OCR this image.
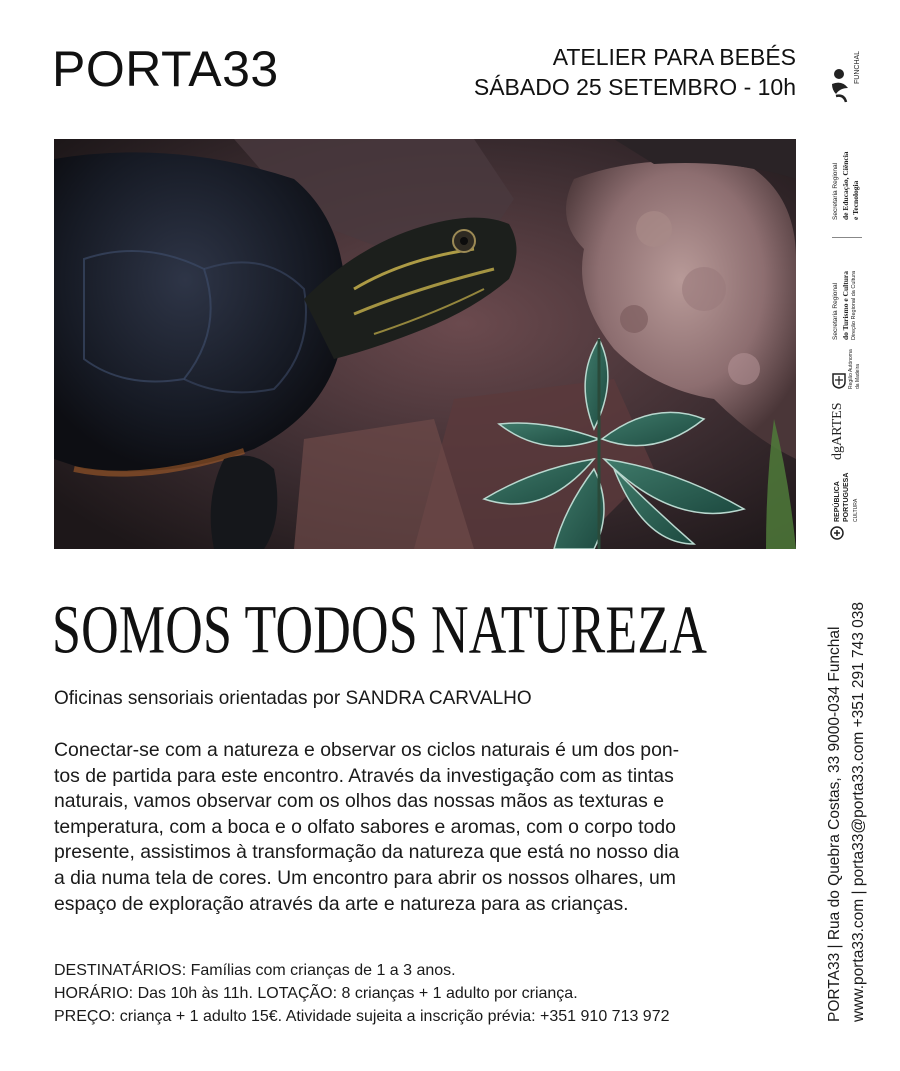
PORTA33	ATELIER PARA BEBÉS
SÁBADO 25 SETEMBRO - 10h
SOMOS TODOS NATUREZA
Oficinas sensoriais orientadas por SANDRA CARVALHO
Conectar-se com a natureza e observar os ciclos naturais é um dos pon-
tos de partida para este encontro. Através da investigação com as tintas
naturais, vamos observar com os olhos das nossas mãos as texturas e
temperatura, com a boca e o olfato sabores e aromas, com o corpo todo
presente, assistimos à transformação da natureza que está no nosso dia
a dia numa tela de cores. Um encontro para abrir os nossos olhares, um
espaço de exploração através da arte e natureza para as crianças.
DESTINATÁRIOS: Famílias com crianças de 1 a 3 anos.
HORÁRIO: Das 10h às 11h. LOTAÇÃO: 8 crianças + 1 adulto por criança.
PREÇO: criança + 1 adulto 15€. Atividade sujeita a inscrição prévia: +351 910 713 972
FUNCHAL
Secretaria Regional de Educação, Ciência e Tecnologia
Secretaria Regional do Turismo e Cultura Direção Regional da Cultura
Região Autónoma da Madeira
dgARTES
REPÚBLICA PORTUGUESA CULTURA
PORTA33 | Rua do Quebra Costas, 33 9000-034 Funchal www.porta33.com | porta33@porta33.com +351 291 743 038
